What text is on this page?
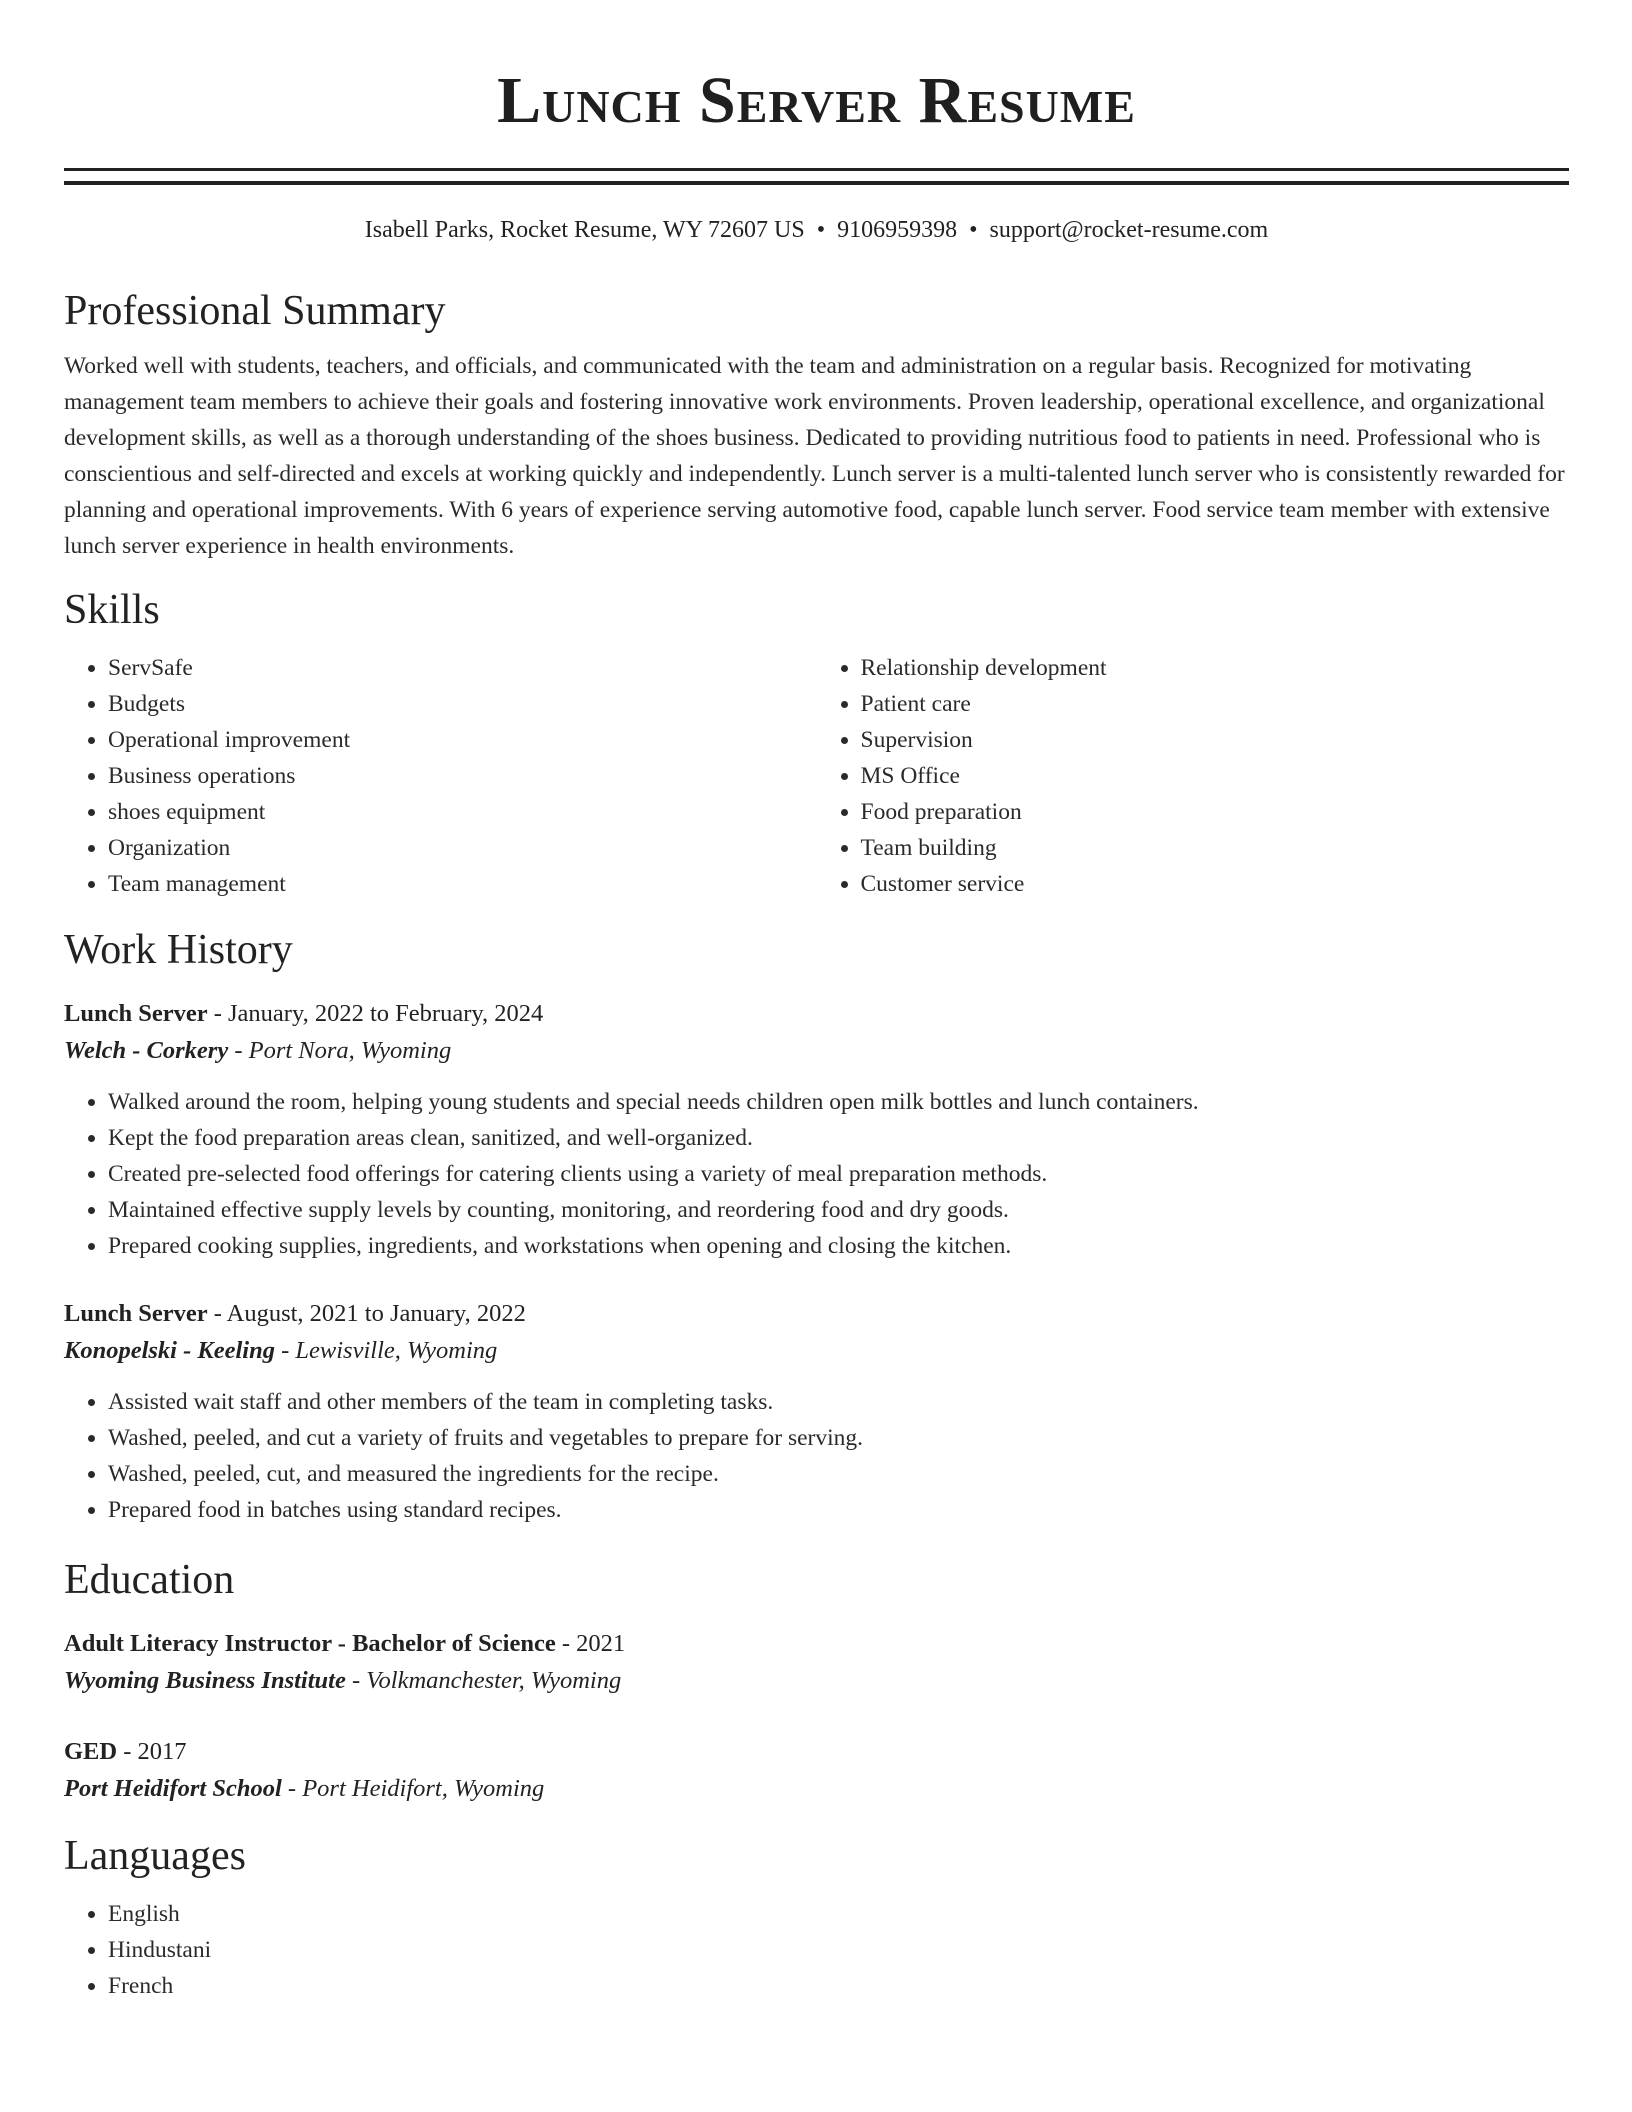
Lunch Server Resume
Isabell Parks, Rocket Resume, WY 72607 US • 9106959398 • support@rocket-resume.com
Professional Summary

Worked well with students, teachers, and officials, and communicated with the team and administration on a regular basis. Recognized for motivating management team members to achieve their goals and fostering innovative work environments. Proven leadership, operational excellence, and organizational development skills, as well as a thorough understanding of the shoes business. Dedicated to providing nutritious food to patients in need. Professional who is conscientious and self-directed and excels at working quickly and independently. Lunch server is a multi-talented lunch server who is consistently rewarded for planning and operational improvements. With 6 years of experience serving automotive food, capable lunch server. Food service team member with extensive lunch server experience in health environments.

Skills
• ServSafe
• Budgets
• Operational improvement
• Business operations
• shoes equipment
• Organization
• Team management
• Relationship development
• Patient care
• Supervision
• MS Office
• Food preparation
• Team building
• Customer service
Work History
Lunch Server - January, 2022 to February, 2024
Welch - Corkery - Port Nora, Wyoming
• Walked around the room, helping young students and special needs children open milk bottles and lunch containers.
• Kept the food preparation areas clean, sanitized, and well-organized.
• Created pre-selected food offerings for catering clients using a variety of meal preparation methods.
• Maintained effective supply levels by counting, monitoring, and reordering food and dry goods.
• Prepared cooking supplies, ingredients, and workstations when opening and closing the kitchen.
Lunch Server - August, 2021 to January, 2022
Konopelski - Keeling - Lewisville, Wyoming
• Assisted wait staff and other members of the team in completing tasks.
• Washed, peeled, and cut a variety of fruits and vegetables to prepare for serving.
• Washed, peeled, cut, and measured the ingredients for the recipe.
• Prepared food in batches using standard recipes.
Education
Adult Literacy Instructor - Bachelor of Science - 2021
Wyoming Business Institute - Volkmanchester, Wyoming
GED - 2017
Port Heidifort School - Port Heidifort, Wyoming
Languages
• English
• Hindustani
• French
